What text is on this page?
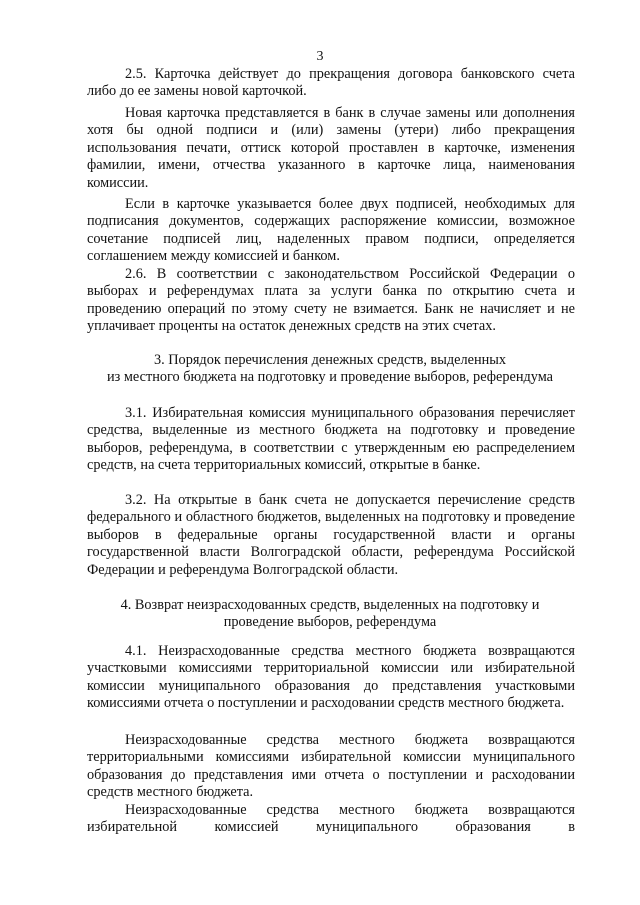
3

2.5. Карточка действует до прекращения договора банковского счета либо до ее замены новой карточкой.

Новая карточка представляется в банк в случае замены или дополнения хотя бы одной подписи и (или) замены (утери) либо прекращения использования печати, оттиск которой проставлен в карточке, изменения фамилии, имени, отчества указанного в карточке лица, наименования комиссии.

Если в карточке указывается более двух подписей, необходимых для подписания документов, содержащих распоряжение комиссии, возможное сочетание подписей лиц, наделенных правом подписи, определяется соглашением между комиссией и банком.

2.6. В соответствии с законодательством Российской Федерации о выборах и референдумах плата за услуги банка по открытию счета и проведению операций по этому счету не взимается. Банк не начисляет и не уплачивает проценты на остаток денежных средств на этих счетах.

3. Порядок перечисления денежных средств, выделенных
из местного бюджета на подготовку и проведение выборов, референдума

3.1. Избирательная комиссия муниципального образования перечисляет средства, выделенные из местного бюджета на подготовку и проведение выборов, референдума, в соответствии с утвержденным ею распределением средств, на счета территориальных комиссий, открытые в банке.

3.2. На открытые в банк счета не допускается перечисление средств федерального и областного бюджетов, выделенных на подготовку и проведение выборов в федеральные органы государственной власти и органы государственной власти Волгоградской области, референдума Российской Федерации и референдума Волгоградской области.

4. Возврат неизрасходованных средств, выделенных на подготовку и
проведение выборов, референдума

4.1. Неизрасходованные средства местного бюджета возвращаются участковыми комиссиями территориальной комиссии или избирательной комиссии муниципального образования до представления участковыми комиссиями отчета о поступлении и расходовании средств местного бюджета.

Неизрасходованные средства местного бюджета возвращаются территориальными комиссиями избирательной комиссии муниципального образования до представления ими отчета о поступлении и расходовании средств местного бюджета.

Неизрасходованные средства местного бюджета возвращаются

избирательной комиссией муниципального образования в
